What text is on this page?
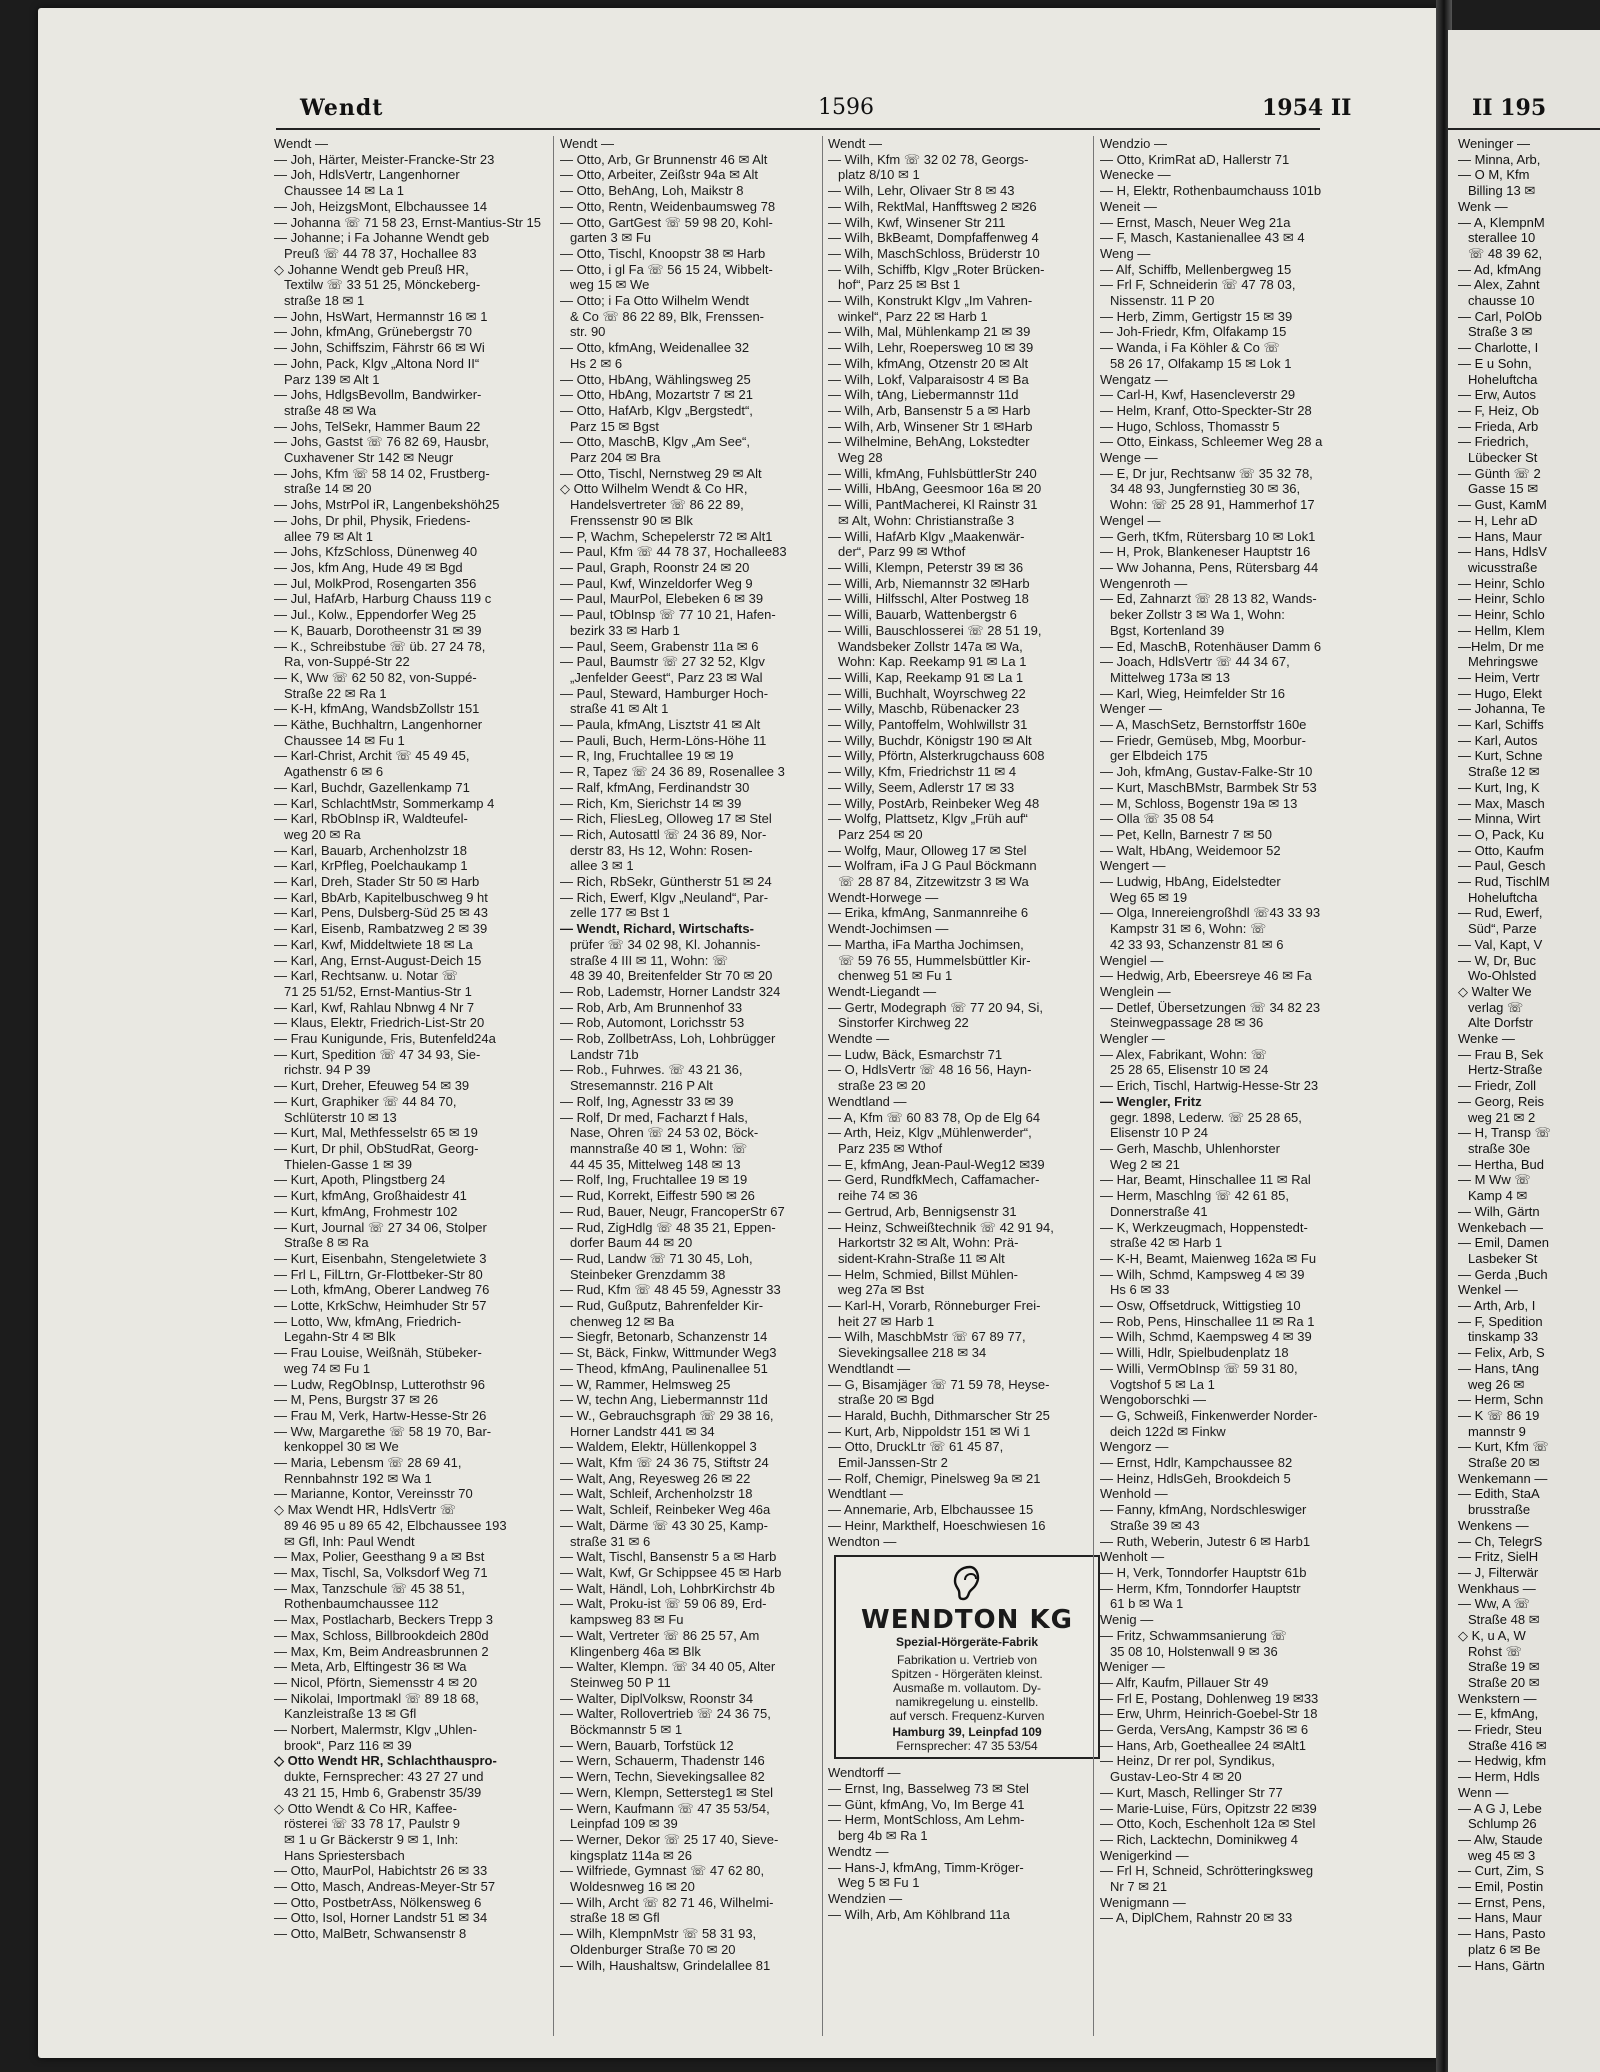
II 195
Weninger —
— Minna, Arb,
— O M, Kfm
Billing 13 ✉
Wenk —
— A, KlempnM
sterallee 10
☏ 48 39 62,
— Ad, kfmAng
— Alex, Zahnt
chausse 10
— Carl, PolOb
Straße 3 ✉
— Charlotte, I
— E u Sohn,
Hoheluftcha
— Erw, Autos
— F, Heiz, Ob
— Frieda, Arb
— Friedrich,
Lübecker St
— Günth ☏ 2
Gasse 15 ✉
— Gust, KamM
— H, Lehr aD
— Hans, Maur
— Hans, HdlsV
wicusstraße
— Heinr, Schlo
— Heinr, Schlo
— Heinr, Schlo
— Hellm, Klem
—Helm, Dr me
Mehringswe
— Heim, Vertr
— Hugo, Elekt
— Johanna, Te
— Karl, Schiffs
— Karl, Autos
— Kurt, Schne
Straße 12 ✉
— Kurt, Ing, K
— Max, Masch
— Minna, Wirt
— O, Pack, Ku
— Otto, Kaufm
— Paul, Gesch
— Rud, TischlM
Hoheluftcha
— Rud, Ewerf,
Süd“, Parze
— Val, Kapt, V
— W, Dr, Buc
Wo-Ohlsted
◇ Walter We
verlag ☏
Alte Dorfstr
Wenke —
— Frau B, Sek
Hertz-Straße
— Friedr, Zoll
— Georg, Reis
weg 21 ✉ 2
— H, Transp ☏
straße 30e
— Hertha, Bud
— M Ww ☏
Kamp 4 ✉
— Wilh, Gärtn
Wenkebach —
— Emil, Damen
Lasbeker St
— Gerda ,Buch
Wenkel —
— Arth, Arb, I
— F, Spedition
tinskamp 33
— Felix, Arb, S
— Hans, tAng
weg 26 ✉
— Herm, Schn
— K ☏ 86 19
mannstr 9
— Kurt, Kfm ☏
Straße 20 ✉
Wenkemann —
— Edith, StaA
brusstraße
Wenkens —
— Ch, TelegrS
— Fritz, SielH
— J, Filterwär
Wenkhaus —
— Ww, A ☏
Straße 48 ✉
◇ K, u A, W
Rohst ☏
Straße 19 ✉
Straße 20 ✉
Wenkstern —
— E, kfmAng,
— Friedr, Steu
Straße 416 ✉
— Hedwig, kfm
— Herm, Hdls
Wenn —
— A G J, Lebe
Schlump 26
— Alw, Staude
weg 45 ✉ 3
— Curt, Zim, S
— Emil, Postin
— Ernst, Pens,
— Hans, Maur
— Hans, Pasto
platz 6 ✉ Be
— Hans, Gärtn
Wendt	1596	1954 II
Wendt —
— Joh, Härter, Meister-Francke-Str 23
— Joh, HdlsVertr, Langenhorner
Chaussee 14 ✉ La 1
— Joh, HeizgsMont, Elbchaussee 14
— Johanna ☏ 71 58 23, Ernst-Mantius-Str 15
— Johanne; i Fa Johanne Wendt geb
Preuß ☏ 44 78 37, Hochallee 83
◇ Johanne Wendt geb Preuß HR,
Textilw ☏ 33 51 25, Mönckeberg-
straße 18 ✉ 1
— John, HsWart, Hermannstr 16 ✉ 1
— John, kfmAng, Grünebergstr 70
— John, Schiffszim, Fährstr 66 ✉ Wi
— John, Pack, Klgv „Altona Nord II“
Parz 139 ✉ Alt 1
— Johs, HdlgsBevollm, Bandwirker-
straße 48 ✉ Wa
— Johs, TelSekr, Hammer Baum 22
— Johs, Gastst ☏ 76 82 69, Hausbr,
Cuxhavener Str 142 ✉ Neugr
— Johs, Kfm ☏ 58 14 02, Frustberg-
straße 14 ✉ 20
— Johs, MstrPol iR, Langenbekshöh25
— Johs, Dr phil, Physik, Friedens-
allee 79 ✉ Alt 1
— Johs, KfzSchloss, Dünenweg 40
— Jos, kfm Ang, Hude 49 ✉ Bgd
— Jul, MolkProd, Rosengarten 356
— Jul, HafArb, Harburg Chauss 119 c
— Jul., Kolw., Eppendorfer Weg 25
— K, Bauarb, Dorotheenstr 31 ✉ 39
— K., Schreibstube ☏ üb. 27 24 78,
Ra, von-Suppé-Str 22
— K, Ww ☏ 62 50 82, von-Suppé-
Straße 22 ✉ Ra 1
— K-H, kfmAng, WandsbZollstr 151
— Käthe, Buchhaltrn, Langenhorner
Chaussee 14 ✉ Fu 1
— Karl-Christ, Archit ☏ 45 49 45,
Agathenstr 6 ✉ 6
— Karl, Buchdr, Gazellenkamp 71
— Karl, SchlachtMstr, Sommerkamp 4
— Karl, RbObInsp iR, Waldteufel-
weg 20 ✉ Ra
— Karl, Bauarb, Archenholzstr 18
— Karl, KrPfleg, Poelchaukamp 1
— Karl, Dreh, Stader Str 50 ✉ Harb
— Karl, BbArb, Kapitelbuschweg 9 ht
— Karl, Pens, Dulsberg-Süd 25 ✉ 43
— Karl, Eisenb, Rambatzweg 2 ✉ 39
— Karl, Kwf, Middeltwiete 18 ✉ La
— Karl, Ang, Ernst-August-Deich 15
— Karl, Rechtsanw. u. Notar ☏
71 25 51/52, Ernst-Mantius-Str 1
— Karl, Kwf, Rahlau Nbnwg 4 Nr 7
— Klaus, Elektr, Friedrich-List-Str 20
— Frau Kunigunde, Fris, Butenfeld24a
— Kurt, Spedition ☏ 47 34 93, Sie-
richstr. 94 P 39
— Kurt, Dreher, Efeuweg 54 ✉ 39
— Kurt, Graphiker ☏ 44 84 70,
Schlüterstr 10 ✉ 13
— Kurt, Mal, Methfesselstr 65 ✉ 19
— Kurt, Dr phil, ObStudRat, Georg-
Thielen-Gasse 1 ✉ 39
— Kurt, Apoth, Plingstberg 24
— Kurt, kfmAng, Großhaidestr 41
— Kurt, kfmAng, Frohmestr 102
— Kurt, Journal ☏ 27 34 06, Stolper
Straße 8 ✉ Ra
— Kurt, Eisenbahn, Stengeletwiete 3
— Frl L, FilLtrn, Gr-Flottbeker-Str 80
— Loth, kfmAng, Oberer Landweg 76
— Lotte, KrkSchw, Heimhuder Str 57
— Lotto, Ww, kfmAng, Friedrich-
Legahn-Str 4 ✉ Blk
— Frau Louise, Weißnäh, Stübeker-
weg 74 ✉ Fu 1
— Ludw, RegObInsp, Lutterothstr 96
— M, Pens, Burgstr 37 ✉ 26
— Frau M, Verk, Hartw-Hesse-Str 26
— Ww, Margarethe ☏ 58 19 70, Bar-
kenkoppel 30 ✉ We
— Maria, Lebensm ☏ 28 69 41,
Rennbahnstr 192 ✉ Wa 1
— Marianne, Kontor, Vereinsstr 70
◇ Max Wendt HR, HdlsVertr ☏
89 46 95 u 89 65 42, Elbchaussee 193
✉ Gfl, Inh: Paul Wendt
— Max, Polier, Geesthang 9 a ✉ Bst
— Max, Tischl, Sa, Volksdorf Weg 71
— Max, Tanzschule ☏ 45 38 51,
Rothenbaumchaussee 112
— Max, Postlacharb, Beckers Trepp 3
— Max, Schloss, Billbrookdeich 280d
— Max, Km, Beim Andreasbrunnen 2
— Meta, Arb, Elftingestr 36 ✉ Wa
— Nicol, Pförtn, Siemensstr 4 ✉ 20
— Nikolai, Importmakl ☏ 89 18 68,
Kanzleistraße 13 ✉ Gfl
— Norbert, Malermstr, Klgv „Uhlen-
brook“, Parz 116 ✉ 39
◇ Otto Wendt HR, Schlachthauspro-
dukte, Fernsprecher: 43 27 27 und
43 21 15, Hmb 6, Grabenstr 35/39
◇ Otto Wendt & Co HR, Kaffee-
rösterei ☏ 33 78 17, Paulstr 9
✉ 1 u Gr Bäckerstr 9 ✉ 1, Inh:
Hans Spriestersbach
— Otto, MaurPol, Habichtstr 26 ✉ 33
— Otto, Masch, Andreas-Meyer-Str 57
— Otto, PostbetrAss, Nölkensweg 6
— Otto, Isol, Horner Landstr 51 ✉ 34
— Otto, MalBetr, Schwansenstr 8
Wendt —
— Otto, Arb, Gr Brunnenstr 46 ✉ Alt
— Otto, Arbeiter, Zeißstr 94a ✉ Alt
— Otto, BehAng, Loh, Maikstr 8
— Otto, Rentn, Weidenbaumsweg 78
— Otto, GartGest ☏ 59 98 20, Kohl-
garten 3 ✉ Fu
— Otto, Tischl, Knoopstr 38 ✉ Harb
— Otto, i gl Fa ☏ 56 15 24, Wibbelt-
weg 15 ✉ We
— Otto; i Fa Otto Wilhelm Wendt
& Co ☏ 86 22 89, Blk, Frenssen-
str. 90
— Otto, kfmAng, Weidenallee 32
Hs 2 ✉ 6
— Otto, HbAng, Wählingsweg 25
— Otto, HbAng, Mozartstr 7 ✉ 21
— Otto, HafArb, Klgv „Bergstedt“,
Parz 15 ✉ Bgst
— Otto, MaschB, Klgv „Am See“,
Parz 204 ✉ Bra
— Otto, Tischl, Nernstweg 29 ✉ Alt
◇ Otto Wilhelm Wendt & Co HR,
Handelsvertreter ☏ 86 22 89,
Frenssenstr 90 ✉ Blk
— P, Wachm, Schepelerstr 72 ✉ Alt1
— Paul, Kfm ☏ 44 78 37, Hochallee83
— Paul, Graph, Roonstr 24 ✉ 20
— Paul, Kwf, Winzeldorfer Weg 9
— Paul, MaurPol, Elebeken 6 ✉ 39
— Paul, tObInsp ☏ 77 10 21, Hafen-
bezirk 33 ✉ Harb 1
— Paul, Seem, Grabenstr 11a ✉ 6
— Paul, Baumstr ☏ 27 32 52, Klgv
„Jenfelder Geest“, Parz 23 ✉ Wal
— Paul, Steward, Hamburger Hoch-
straße 41 ✉ Alt 1
— Paula, kfmAng, Lisztstr 41 ✉ Alt
— Pauli, Buch, Herm-Löns-Höhe 11
— R, Ing, Fruchtallee 19 ✉ 19
— R, Tapez ☏ 24 36 89, Rosenallee 3
— Ralf, kfmAng, Ferdinandstr 30
— Rich, Km, Sierichstr 14 ✉ 39
— Rich, FliesLeg, Olloweg 17 ✉ Stel
— Rich, Autosattl ☏ 24 36 89, Nor-
derstr 83, Hs 12, Wohn: Rosen-
allee 3 ✉ 1
— Rich, RbSekr, Güntherstr 51 ✉ 24
— Rich, Ewerf, Klgv „Neuland“, Par-
zelle 177 ✉ Bst 1
— Wendt, Richard, Wirtschafts-
prüfer ☏ 34 02 98, Kl. Johannis-
straße 4 III ✉ 11, Wohn: ☏
48 39 40, Breitenfelder Str 70 ✉ 20
— Rob, Lademstr, Horner Landstr 324
— Rob, Arb, Am Brunnenhof 33
— Rob, Automont, Lorichsstr 53
— Rob, ZollbetrAss, Loh, Lohbrügger
Landstr 71b
— Rob., Fuhrwes. ☏ 43 21 36,
Stresemannstr. 216 P Alt
— Rolf, Ing, Agnesstr 33 ✉ 39
— Rolf, Dr med, Facharzt f Hals,
Nase, Ohren ☏ 24 53 02, Böck-
mannstraße 40 ✉ 1, Wohn: ☏
44 45 35, Mittelweg 148 ✉ 13
— Rolf, Ing, Fruchtallee 19 ✉ 19
— Rud, Korrekt, Eiffestr 590 ✉ 26
— Rud, Bauer, Neugr, FrancoperStr 67
— Rud, ZigHdlg ☏ 48 35 21, Eppen-
dorfer Baum 44 ✉ 20
— Rud, Landw ☏ 71 30 45, Loh,
Steinbeker Grenzdamm 38
— Rud, Kfm ☏ 48 45 59, Agnesstr 33
— Rud, Gußputz, Bahrenfelder Kir-
chenweg 12 ✉ Ba
— Siegfr, Betonarb, Schanzenstr 14
— St, Bäck, Finkw, Wittmunder Weg3
— Theod, kfmAng, Paulinenallee 51
— W, Rammer, Helmsweg 25
— W, techn Ang, Liebermannstr 11d
— W., Gebrauchsgraph ☏ 29 38 16,
Horner Landstr 441 ✉ 34
— Waldem, Elektr, Hüllenkoppel 3
— Walt, Kfm ☏ 24 36 75, Stiftstr 24
— Walt, Ang, Reyesweg 26 ✉ 22
— Walt, Schleif, Archenholzstr 18
— Walt, Schleif, Reinbeker Weg 46a
— Walt, Därme ☏ 43 30 25, Kamp-
straße 31 ✉ 6
— Walt, Tischl, Bansenstr 5 a ✉ Harb
— Walt, Kwf, Gr Schippsee 45 ✉ Harb
— Walt, Händl, Loh, LohbrKirchstr 4b
— Walt, Proku-ist ☏ 59 06 89, Erd-
kampsweg 83 ✉ Fu
— Walt, Vertreter ☏ 86 25 57, Am
Klingenberg 46a ✉ Blk
— Walter, Klempn. ☏ 34 40 05, Alter
Steinweg 50 P 11
— Walter, DiplVolksw, Roonstr 34
— Walter, Rollovertrieb ☏ 24 36 75,
Böckmannstr 5 ✉ 1
— Wern, Bauarb, Torfstück 12
— Wern, Schauerm, Thadenstr 146
— Wern, Techn, Sievekingsallee 82
— Wern, Klempn, Settersteg1 ✉ Stel
— Wern, Kaufmann ☏ 47 35 53/54,
Leinpfad 109 ✉ 39
— Werner, Dekor ☏ 25 17 40, Sieve-
kingsplatz 114a ✉ 26
— Wilfriede, Gymnast ☏ 47 62 80,
Woldesnweg 16 ✉ 20
— Wilh, Archt ☏ 82 71 46, Wilhelmi-
straße 18 ✉ Gfl
— Wilh, KlempnMstr ☏ 58 31 93,
Oldenburger Straße 70 ✉ 20
— Wilh, Haushaltsw, Grindelallee 81
Wendt —
— Wilh, Kfm ☏ 32 02 78, Georgs-
platz 8/10 ✉ 1
— Wilh, Lehr, Olivaer Str 8 ✉ 43
— Wilh, RektMal, Hanfftsweg 2 ✉26
— Wilh, Kwf, Winsener Str 211
— Wilh, BkBeamt, Dompfaffenweg 4
— Wilh, MaschSchloss, Brüderstr 10
— Wilh, Schiffb, Klgv „Roter Brücken-
hof“, Parz 25 ✉ Bst 1
— Wilh, Konstrukt Klgv „Im Vahren-
winkel“, Parz 22 ✉ Harb 1
— Wilh, Mal, Mühlenkamp 21 ✉ 39
— Wilh, Lehr, Roepersweg 10 ✉ 39
— Wilh, kfmAng, Otzenstr 20 ✉ Alt
— Wilh, Lokf, Valparaisostr 4 ✉ Ba
— Wilh, tAng, Liebermannstr 11d
— Wilh, Arb, Bansenstr 5 a ✉ Harb
— Wilh, Arb, Winsener Str 1 ✉Harb
— Wilhelmine, BehAng, Lokstedter
Weg 28
— Willi, kfmAng, FuhlsbüttlerStr 240
— Willi, HbAng, Geesmoor 16a ✉ 20
— Willi, PantMacherei, Kl Rainstr 31
✉ Alt, Wohn: Christianstraße 3
— Willi, HafArb Klgv „Maakenwär-
der“, Parz 99 ✉ Wthof
— Willi, Klempn, Peterstr 39 ✉ 36
— Willi, Arb, Niemannstr 32 ✉Harb
— Willi, Hilfsschl, Alter Postweg 18
— Willi, Bauarb, Wattenbergstr 6
— Willi, Bauschlosserei ☏ 28 51 19,
Wandsbeker Zollstr 147a ✉ Wa,
Wohn: Kap. Reekamp 91 ✉ La 1
— Willi, Kap, Reekamp 91 ✉ La 1
— Willi, Buchhalt, Woyrschweg 22
— Willy, Maschb, Rübenacker 23
— Willy, Pantoffelm, Wohlwillstr 31
— Willy, Buchdr, Königstr 190 ✉ Alt
— Willy, Pförtn, Alsterkrugchauss 608
— Willy, Kfm, Friedrichstr 11 ✉ 4
— Willy, Seem, Adlerstr 17 ✉ 33
— Willy, PostArb, Reinbeker Weg 48
— Wolfg, Plattsetz, Klgv „Früh auf“
Parz 254 ✉ 20
— Wolfg, Maur, Olloweg 17 ✉ Stel
— Wolfram, iFa J G Paul Böckmann
☏ 28 87 84, Zitzewitzstr 3 ✉ Wa
Wendt-Horwege —
— Erika, kfmAng, Sanmannreihe 6
Wendt-Jochimsen —
— Martha, iFa Martha Jochimsen,
☏ 59 76 55, Hummelsbüttler Kir-
chenweg 51 ✉ Fu 1
Wendt-Liegandt —
— Gertr, Modegraph ☏ 77 20 94, Si,
Sinstorfer Kirchweg 22
Wendte —
— Ludw, Bäck, Esmarchstr 71
— O, HdlsVertr ☏ 48 16 56, Hayn-
straße 23 ✉ 20
Wendtland —
— A, Kfm ☏ 60 83 78, Op de Elg 64
— Arth, Heiz, Klgv „Mühlenwerder“,
Parz 235 ✉ Wthof
— E, kfmAng, Jean-Paul-Weg12 ✉39
— Gerd, RundfkMech, Caffamacher-
reihe 74 ✉ 36
— Gertrud, Arb, Bennigsenstr 31
— Heinz, Schweißtechnik ☏ 42 91 94,
Harkortstr 32 ✉ Alt, Wohn: Prä-
sident-Krahn-Straße 11 ✉ Alt
— Helm, Schmied, Billst Mühlen-
weg 27a ✉ Bst
— Karl-H, Vorarb, Rönneburger Frei-
heit 27 ✉ Harb 1
— Wilh, MaschbMstr ☏ 67 89 77,
Sievekingsallee 218 ✉ 34
Wendtlandt —
— G, Bisamjäger ☏ 71 59 78, Heyse-
straße 20 ✉ Bgd
— Harald, Buchh, Dithmarscher Str 25
— Kurt, Arb, Nippoldstr 151 ✉ Wi 1
— Otto, DruckLtr ☏ 61 45 87,
Emil-Janssen-Str 2
— Rolf, Chemigr, Pinelsweg 9a ✉ 21
Wendtlant —
— Annemarie, Arb, Elbchaussee 15
— Heinr, Markthelf, Hoeschwiesen 16
Wendton —
WENDTON KG
Spezial-Hörgeräte-Fabrik
Fabrikation u. Vertrieb von
Spitzen - Hörgeräten kleinst.
Ausmaße m. vollautom. Dy-
namikregelung u. einstellb.
auf versch. Frequenz-Kurven
Hamburg 39, Leinpfad 109
Fernsprecher: 47 35 53/54
Wendtorff —
— Ernst, Ing, Basselweg 73 ✉ Stel
— Günt, kfmAng, Vo, Im Berge 41
— Herm, MontSchloss, Am Lehm-
berg 4b ✉ Ra 1
Wendtz —
— Hans-J, kfmAng, Timm-Kröger-
Weg 5 ✉ Fu 1
Wendzien —
— Wilh, Arb, Am Köhlbrand 11a
Wendzio —
— Otto, KrimRat aD, Hallerstr 71
Wenecke —
— H, Elektr, Rothenbaumchauss 101b
Weneit —
— Ernst, Masch, Neuer Weg 21a
— F, Masch, Kastanienallee 43 ✉ 4
Weng —
— Alf, Schiffb, Mellenbergweg 15
— Frl F, Schneiderin ☏ 47 78 03,
Nissenstr. 11 P 20
— Herb, Zimm, Gertigstr 15 ✉ 39
— Joh-Friedr, Kfm, Olfakamp 15
— Wanda, i Fa Köhler & Co ☏
58 26 17, Olfakamp 15 ✉ Lok 1
Wengatz —
— Carl-H, Kwf, Hasencleverstr 29
— Helm, Kranf, Otto-Speckter-Str 28
— Hugo, Schloss, Thomasstr 5
— Otto, Einkass, Schleemer Weg 28 a
Wenge —
— E, Dr jur, Rechtsanw ☏ 35 32 78,
34 48 93, Jungfernstieg 30 ✉ 36,
Wohn: ☏ 25 28 91, Hammerhof 17
Wengel —
— Gerh, tKfm, Rütersbarg 10 ✉ Lok1
— H, Prok, Blankeneser Hauptstr 16
— Ww Johanna, Pens, Rütersbarg 44
Wengenroth —
— Ed, Zahnarzt ☏ 28 13 82, Wands-
beker Zollstr 3 ✉ Wa 1, Wohn:
Bgst, Kortenland 39
— Ed, MaschB, Rotenhäuser Damm 6
— Joach, HdlsVertr ☏ 44 34 67,
Mittelweg 173a ✉ 13
— Karl, Wieg, Heimfelder Str 16
Wenger —
— A, MaschSetz, Bernstorffstr 160e
— Friedr, Gemüseb, Mbg, Moorbur-
ger Elbdeich 175
— Joh, kfmAng, Gustav-Falke-Str 10
— Kurt, MaschBMstr, Barmbek Str 53
— M, Schloss, Bogenstr 19a ✉ 13
— Olla ☏ 35 08 54
— Pet, Kelln, Barnestr 7 ✉ 50
— Walt, HbAng, Weidemoor 52
Wengert —
— Ludwig, HbAng, Eidelstedter
Weg 65 ✉ 19
— Olga, Innereiengroßhdl ☏43 33 93
Kampstr 31 ✉ 6, Wohn: ☏
42 33 93, Schanzenstr 81 ✉ 6
Wengiel —
— Hedwig, Arb, Ebeersreye 46 ✉ Fa
Wenglein —
— Detlef, Übersetzungen ☏ 34 82 23
Steinwegpassage 28 ✉ 36
Wengler —
— Alex, Fabrikant, Wohn: ☏
25 28 65, Elisenstr 10 ✉ 24
— Erich, Tischl, Hartwig-Hesse-Str 23
— Wengler, Fritz
gegr. 1898, Lederw. ☏ 25 28 65,
Elisenstr 10 P 24
— Gerh, Maschb, Uhlenhorster
Weg 2 ✉ 21
— Har, Beamt, Hinschallee 11 ✉ Ral
— Herm, Maschlng ☏ 42 61 85,
Donnerstraße 41
— K, Werkzeugmach, Hoppenstedt-
straße 42 ✉ Harb 1
— K-H, Beamt, Maienweg 162a ✉ Fu
— Wilh, Schmd, Kampsweg 4 ✉ 39
Hs 6 ✉ 33
— Osw, Offsetdruck, Wittigstieg 10
— Rob, Pens, Hinschallee 11 ✉ Ra 1
— Wilh, Schmd, Kaempsweg 4 ✉ 39
— Willi, Hdlr, Spielbudenplatz 18
— Willi, VermObInsp ☏ 59 31 80,
Vogtshof 5 ✉ La 1
Wengoborschki —
— G, Schweiß, Finkenwerder Norder-
deich 122d ✉ Finkw
Wengorz —
— Ernst, Hdlr, Kampchaussee 82
— Heinz, HdlsGeh, Brookdeich 5
Wenhold —
— Fanny, kfmAng, Nordschleswiger
Straße 39 ✉ 43
— Ruth, Weberin, Jutestr 6 ✉ Harb1
Wenholt —
— H, Verk, Tonndorfer Hauptstr 61b
— Herm, Kfm, Tonndorfer Hauptstr
61 b ✉ Wa 1
Wenig —
— Fritz, Schwammsanierung ☏
35 08 10, Holstenwall 9 ✉ 36
Weniger —
— Alfr, Kaufm, Pillauer Str 49
— Frl E, Postang, Dohlenweg 19 ✉33
— Erw, Uhrm, Heinrich-Goebel-Str 18
— Gerda, VersAng, Kampstr 36 ✉ 6
— Hans, Arb, Goetheallee 24 ✉Alt1
— Heinz, Dr rer pol, Syndikus,
Gustav-Leo-Str 4 ✉ 20
— Kurt, Masch, Rellinger Str 77
— Marie-Luise, Fürs, Opitzstr 22 ✉39
— Otto, Koch, Eschenholt 12a ✉ Stel
— Rich, Lacktechn, Dominikweg 4
Wenigerkind —
— Frl H, Schneid, Schrötteringksweg
Nr 7 ✉ 21
Wenigmann —
— A, DiplChem, Rahnstr 20 ✉ 33
